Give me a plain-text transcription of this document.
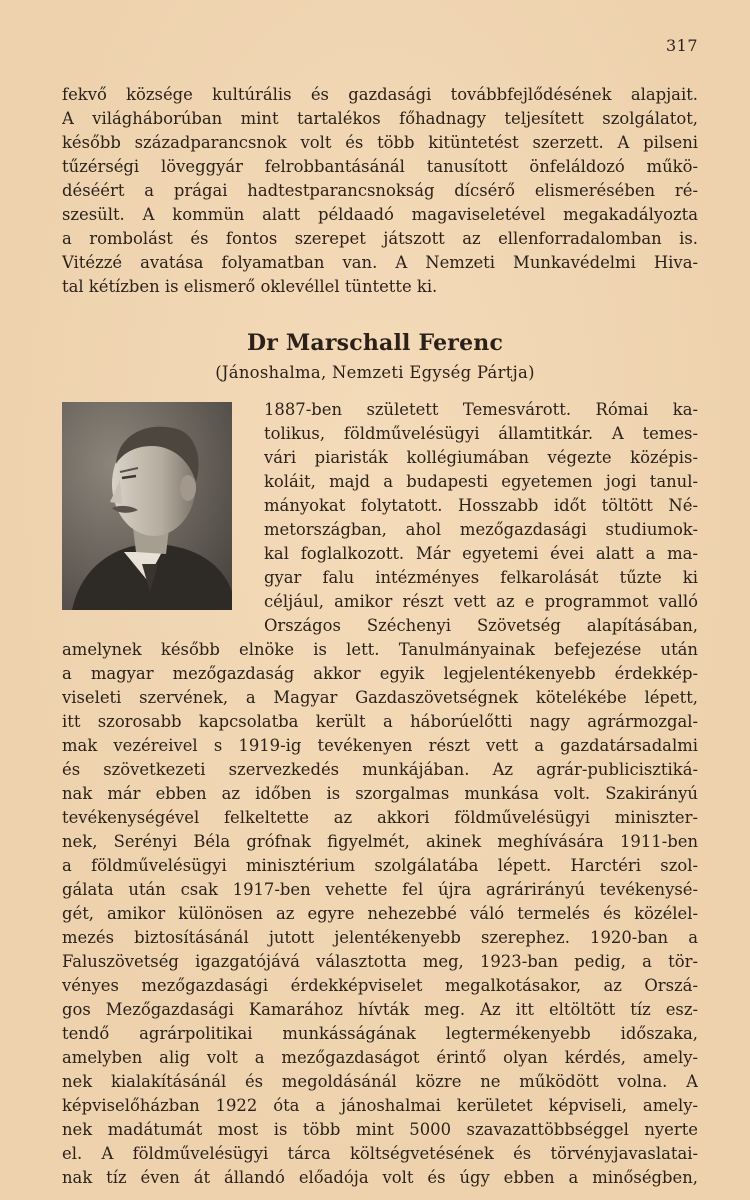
317
fekvő községe kultúrális és gazdasági továbbfejlődésének alapjait.
A világháborúban mint tartalékos főhadnagy teljesített szolgálatot,
később századparancsnok volt és több kitüntetést szerzett. A pilseni
tűzérségi löveggyár felrobbantásánál tanusított önfeláldozó műkö-
déséért a prágai hadtestparancsnokság dícsérő elismerésében ré-
szesült. A kommün alatt példaadó magaviseletével megakadályozta
a rombolást és fontos szerepet játszott az ellenforradalomban is.
Vitézzé avatása folyamatban van. A Nemzeti Munkavédelmi Hiva-
tal kétízben is elismerő oklevéllel tüntette ki.
Dr Marschall Ferenc
(Jánoshalma, Nemzeti Egység Pártja)
1887-ben született Temesvárott. Római ka-
tolikus, földművelésügyi államtitkár. A temes-
vári piaristák kollégiumában végezte középis-
koláit, majd a budapesti egyetemen jogi tanul-
mányokat folytatott. Hosszabb időt töltött Né-
metországban, ahol mezőgazdasági studiumok-
kal foglalkozott. Már egyetemi évei alatt a ma-
gyar falu intézményes felkarolását tűzte ki
céljául, amikor részt vett az e programmot valló
Országos Széchenyi Szövetség alapításában,
amelynek később elnöke is lett. Tanulmányainak befejezése után
a magyar mezőgazdaság akkor egyik legjelentékenyebb érdekkép-
viseleti szervének, a Magyar Gazdaszövetségnek kötelékébe lépett,
itt szorosabb kapcsolatba került a háborúelőtti nagy agrármozgal-
mak vezéreivel s 1919-ig tevékenyen részt vett a gazdatársadalmi
és szövetkezeti szervezkedés munkájában. Az agrár-publicisztiká-
nak már ebben az időben is szorgalmas munkása volt. Szakirányú
tevékenységével felkeltette az akkori földművelésügyi miniszter-
nek, Serényi Béla grófnak figyelmét, akinek meghívására 1911-ben
a földművelésügyi minisztérium szolgálatába lépett. Harctéri szol-
gálata után csak 1917-ben vehette fel újra agrárirányú tevékenysé-
gét, amikor különösen az egyre nehezebbé váló termelés és közélel-
mezés biztosításánál jutott jelentékenyebb szerephez. 1920-ban a
Faluszövetség igazgatójává választotta meg, 1923-ban pedig, a tör-
vényes mezőgazdasági érdekképviselet megalkotásakor, az Orszá-
gos Mezőgazdasági Kamarához hívták meg. Az itt eltöltött tíz esz-
tendő agrárpolitikai munkásságának legtermékenyebb időszaka,
amelyben alig volt a mezőgazdaságot érintő olyan kérdés, amely-
nek kialakításánál és megoldásánál közre ne működött volna. A
képviselőházban 1922 óta a jánoshalmai kerületet képviseli, amely-
nek madátumát most is több mint 5000 szavazattöbbséggel nyerte
el. A földművelésügyi tárca költségvetésének és törvényjavaslatai-
nak tíz éven át állandó előadója volt és úgy ebben a minőségben,
